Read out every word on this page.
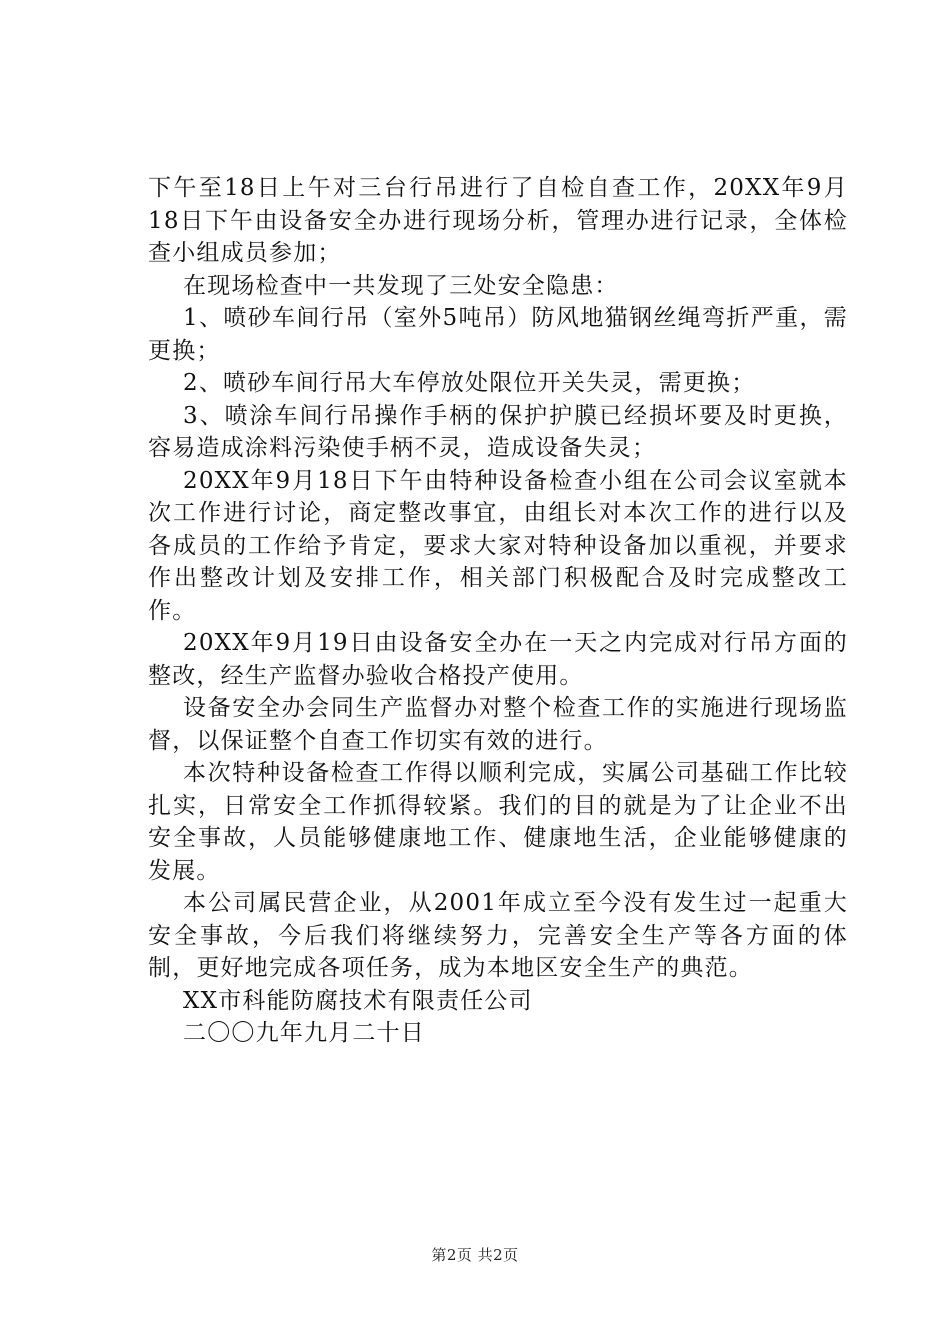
下午至18日上午对三台行吊进行了自检自查工作，20XX年9月18日下午由设备安全办进行现场分析，管理办进行记录，全体检查小组成员参加；

在现场检查中一共发现了三处安全隐患：

1、喷砂车间行吊（室外5吨吊）防风地猫钢丝绳弯折严重，需更换；

2、喷砂车间行吊大车停放处限位开关失灵，需更换；

3、喷涂车间行吊操作手柄的保护护膜已经损坏要及时更换，容易造成涂料污染使手柄不灵，造成设备失灵；

20XX年9月18日下午由特种设备检查小组在公司会议室就本次工作进行讨论，商定整改事宜，由组长对本次工作的进行以及各成员的工作给予肯定，要求大家对特种设备加以重视，并要求作出整改计划及安排工作，相关部门积极配合及时完成整改工作。

20XX年9月19日由设备安全办在一天之内完成对行吊方面的整改，经生产监督办验收合格投产使用。

设备安全办会同生产监督办对整个检查工作的实施进行现场监督，以保证整个自查工作切实有效的进行。

本次特种设备检查工作得以顺利完成，实属公司基础工作比较扎实，日常安全工作抓得较紧。我们的目的就是为了让企业不出安全事故，人员能够健康地工作、健康地生活，企业能够健康的发展。

本公司属民营企业，从2001年成立至今没有发生过一起重大安全事故，今后我们将继续努力，完善安全生产等各方面的体制，更好地完成各项任务，成为本地区安全生产的典范。

XX市科能防腐技术有限责任公司

二〇〇九年九月二十日

第2页 共2页
